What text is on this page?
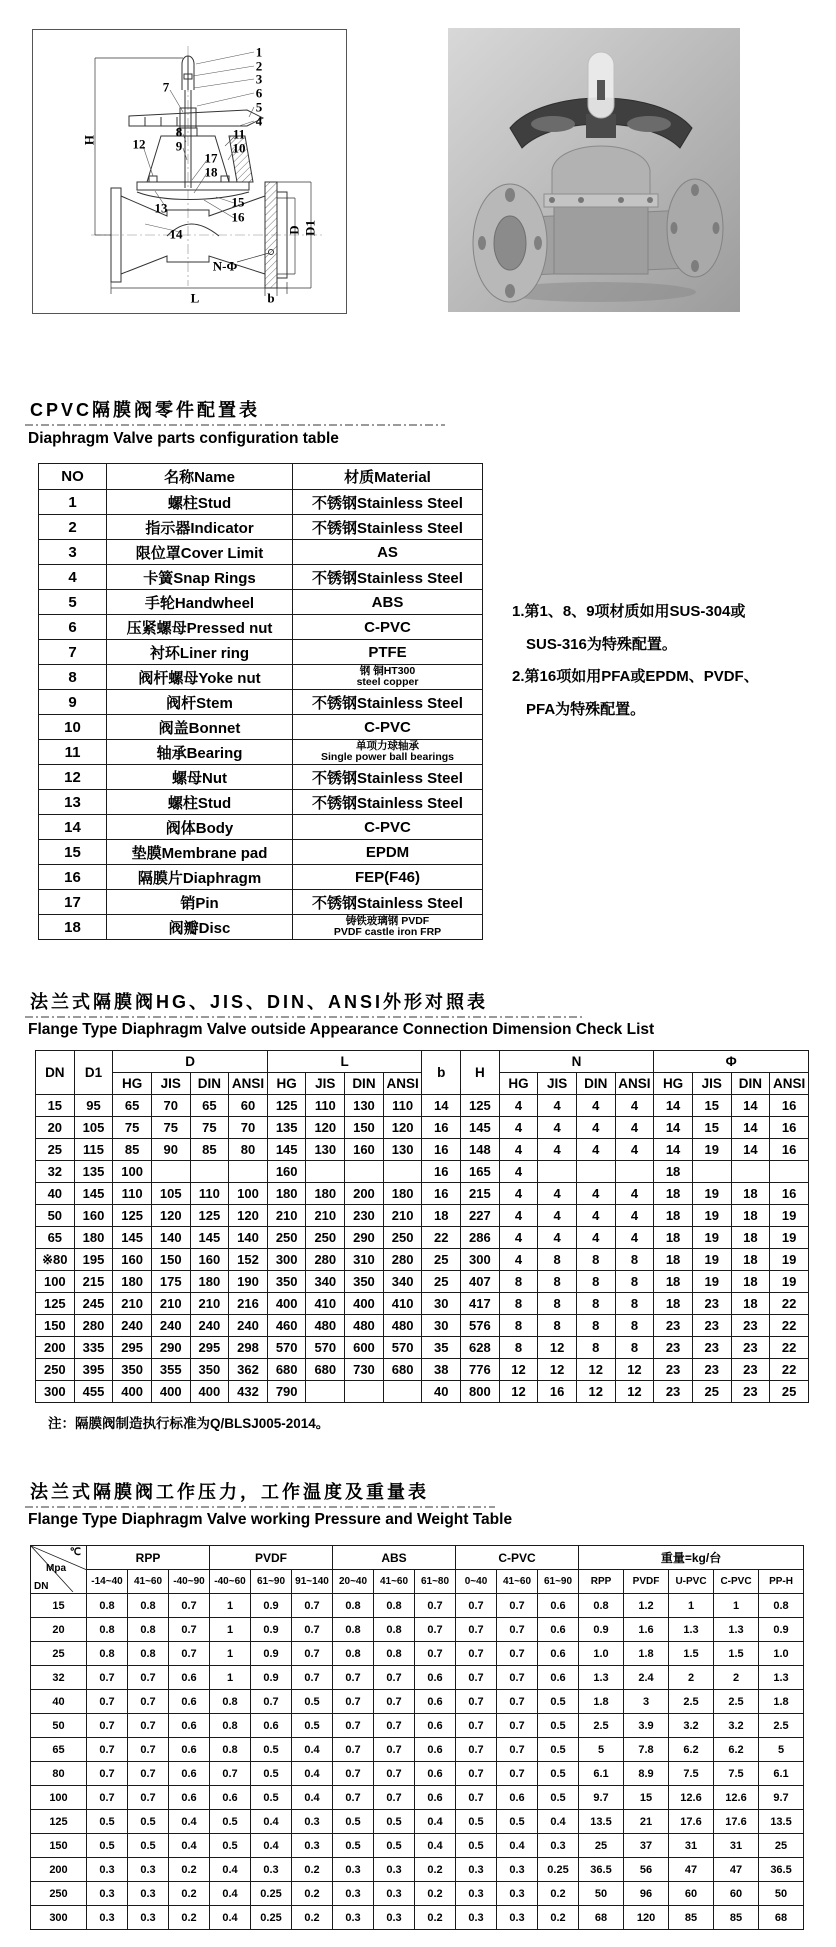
1
2
3
6
5
4
7
8
9
11
10
12
17
18
13	15
16
14
H
L
D D1
b
N-Φ
CPVC隔膜阀零件配置表
Diaphragm Valve parts configuration table
NO	名称Name	材质Material
1	螺柱Stud	不锈钢Stainless Steel
2	指示器Indicator	不锈钢Stainless Steel
3	限位罩Cover Limit	AS
4	卡簧Snap Rings	不锈钢Stainless Steel
5	手轮Handwheel	ABS
6	压紧螺母Pressed nut	C-PVC
7	衬环Liner ring	PTFE
8	阀杆螺母Yoke nut	钢 铜HT300
steel copper

9	阀杆Stem	不锈钢Stainless Steel
10	阀盖Bonnet	C-PVC
11	轴承Bearing	单项力球轴承
Single power ball bearings

12	螺母Nut	不锈钢Stainless Steel
13	螺柱Stud	不锈钢Stainless Steel
14	阀体Body	C-PVC
15	垫膜Membrane pad	EPDM
16	隔膜片Diaphragm	FEP(F46)
17	销Pin	不锈钢Stainless Steel
18	阀瓣Disc	铸铁玻璃钢 PVDF
PVDF castle iron FRP
1.第1、8、9项材质如用SUS-304或
SUS-316为特殊配置。
2.第16项如用PFA或EPDM、PVDF、
PFA为特殊配置。
法兰式隔膜阀HG、JIS、DIN、ANSI外形对照表
Flange Type Diaphragm Valve outside Appearance Connection Dimension Check List
DN	D1	D				L				b	H	N				Φ			
		HG	JIS	DIN	ANSI	HG	JIS	DIN	ANSI			HG	JIS	DIN	ANSI	HG	JIS	DIN	ANSI
15	95	65	70	65	60	125	110	130	110	14	125	4	4	4	4	14	15	14	16
20	105	75	75	75	70	135	120	150	120	16	145	4	4	4	4	14	15	14	16
25	115	85	90	85	80	145	130	160	130	16	148	4	4	4	4	14	19	14	16
32	135	100				160				16	165	4				18			
40	145	110	105	110	100	180	180	200	180	16	215	4	4	4	4	18	19	18	16
50	160	125	120	125	120	210	210	230	210	18	227	4	4	4	4	18	19	18	19
65	180	145	140	145	140	250	250	290	250	22	286	4	4	4	4	18	19	18	19
※80	195	160	150	160	152	300	280	310	280	25	300	4	8	8	8	18	19	18	19
100	215	180	175	180	190	350	340	350	340	25	407	8	8	8	8	18	19	18	19
125	245	210	210	210	216	400	410	400	410	30	417	8	8	8	8	18	23	18	22
150	280	240	240	240	240	460	480	480	480	30	576	8	8	8	8	23	23	23	22
200	335	295	290	295	298	570	570	600	570	35	628	8	12	8	8	23	23	23	22
250	395	350	355	350	362	680	680	730	680	38	776	12	12	12	12	23	23	23	22
300	455	400	400	400	432	790				40	800	12	16	12	12	23	25	23	25
注：隔膜阀制造执行标准为Q/BLSJ005-2014。
法兰式隔膜阀工作压力，工作温度及重量表
Flange Type Diaphragm Valve working Pressure and Weight Table
℃
Mpa
DN	RPP			PVDF			ABS			C-PVC			重量=kg/台				
	-14~40	41~60	-40~90	-40~60	61~90	91~140	20~40	41~60	61~80	0~40	41~60	61~90	RPP	PVDF	U-PVC	C-PVC	PP-H
15	0.8	0.8	0.7	1	0.9	0.7	0.8	0.8	0.7	0.7	0.7	0.6	0.8	1.2	1	1	0.8
20	0.8	0.8	0.7	1	0.9	0.7	0.8	0.8	0.7	0.7	0.7	0.6	0.9	1.6	1.3	1.3	0.9
25	0.8	0.8	0.7	1	0.9	0.7	0.8	0.8	0.7	0.7	0.7	0.6	1.0	1.8	1.5	1.5	1.0
32	0.7	0.7	0.6	1	0.9	0.7	0.7	0.7	0.6	0.7	0.7	0.6	1.3	2.4	2	2	1.3
40	0.7	0.7	0.6	0.8	0.7	0.5	0.7	0.7	0.6	0.7	0.7	0.5	1.8	3	2.5	2.5	1.8
50	0.7	0.7	0.6	0.8	0.6	0.5	0.7	0.7	0.6	0.7	0.7	0.5	2.5	3.9	3.2	3.2	2.5
65	0.7	0.7	0.6	0.8	0.5	0.4	0.7	0.7	0.6	0.7	0.7	0.5	5	7.8	6.2	6.2	5
80	0.7	0.7	0.6	0.7	0.5	0.4	0.7	0.7	0.6	0.7	0.7	0.5	6.1	8.9	7.5	7.5	6.1
100	0.7	0.7	0.6	0.6	0.5	0.4	0.7	0.7	0.6	0.7	0.6	0.5	9.7	15	12.6	12.6	9.7
125	0.5	0.5	0.4	0.5	0.4	0.3	0.5	0.5	0.4	0.5	0.5	0.4	13.5	21	17.6	17.6	13.5
150	0.5	0.5	0.4	0.5	0.4	0.3	0.5	0.5	0.4	0.5	0.4	0.3	25	37	31	31	25
200	0.3	0.3	0.2	0.4	0.3	0.2	0.3	0.3	0.2	0.3	0.3	0.25	36.5	56	47	47	36.5
250	0.3	0.3	0.2	0.4	0.25	0.2	0.3	0.3	0.2	0.3	0.3	0.2	50	96	60	60	50
300	0.3	0.3	0.2	0.4	0.25	0.2	0.3	0.3	0.2	0.3	0.3	0.2	68	120	85	85	68
